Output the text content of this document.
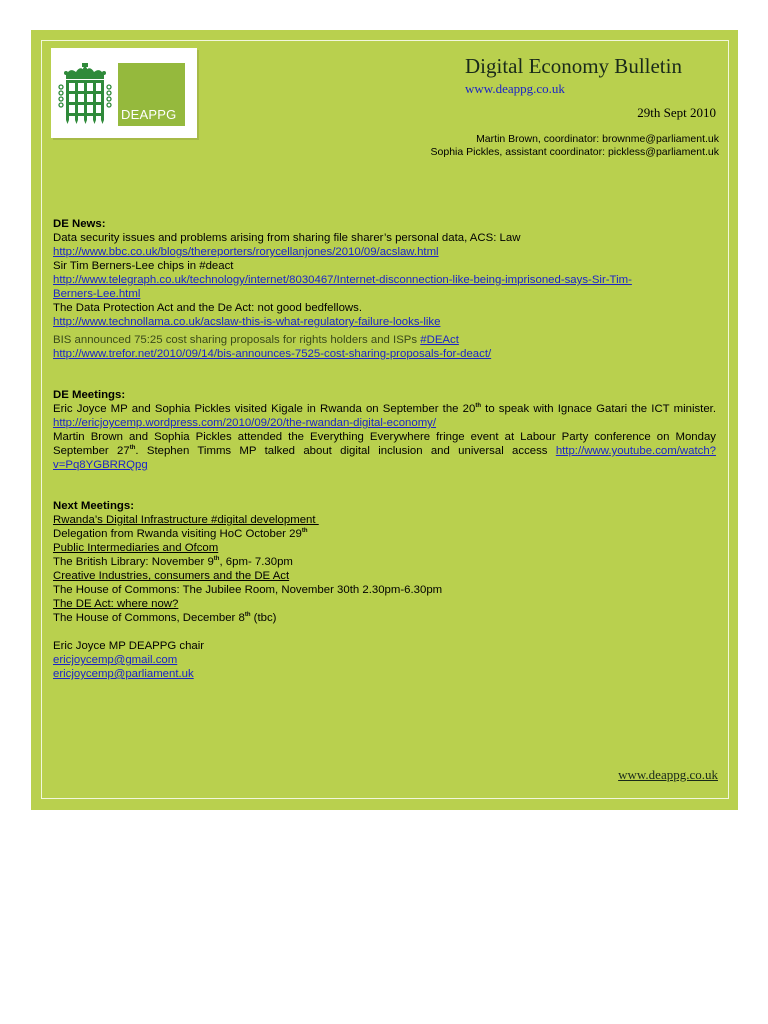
DEAPPG
Digital Economy Bulletin
www.deappg.co.uk
29th Sept 2010
Martin Brown, coordinator: brownme@parliament.uk
Sophia Pickles, assistant coordinator: pickless@parliament.uk

DE News:

Data security issues and problems arising from sharing file sharer’s personal data, ACS: Law

http://www.bbc.co.uk/blogs/thereporters/rorycellanjones/2010/09/acslaw.html

Sir Tim Berners-Lee chips in #deact

http://www.telegraph.co.uk/technology/internet/8030467/Internet-disconnection-like-being-imprisoned-says-Sir-Tim-

Berners-Lee.html

The Data Protection Act and the De Act: not good bedfellows.

http://www.technollama.co.uk/acslaw-this-is-what-regulatory-failure-looks-like

BIS announced 75:25 cost sharing proposals for rights holders and ISPs #DEAct

http://www.trefor.net/2010/09/14/bis-announces-7525-cost-sharing-proposals-for-deact/

DE Meetings:

Eric Joyce MP and Sophia Pickles visited Kigale in Rwanda on September the 20th to speak with Ignace Gatari the ICT minister. http://ericjoycemp.wordpress.com/2010/09/20/the-rwandan-digital-economy/

Martin Brown and Sophia Pickles attended the Everything Everywhere fringe event at Labour Party conference on Monday September 27th. Stephen Timms MP talked about digital inclusion and universal access http://www.youtube.com/watch?v=Pq8YGBRRQpg

Next Meetings:

Rwanda’s Digital Infrastructure #digital development

Delegation from Rwanda visiting HoC October 29th

Public Intermediaries and Ofcom

The British Library: November 9th, 6pm- 7.30pm

Creative Industries, consumers and the DE Act

The House of Commons: The Jubilee Room, November 30th 2.30pm-6.30pm

The DE Act: where now?

The House of Commons, December 8th (tbc)

Eric Joyce MP DEAPPG chair

ericjoycemp@gmail.com

ericjoycemp@parliament.uk

www.deappg.co.uk
